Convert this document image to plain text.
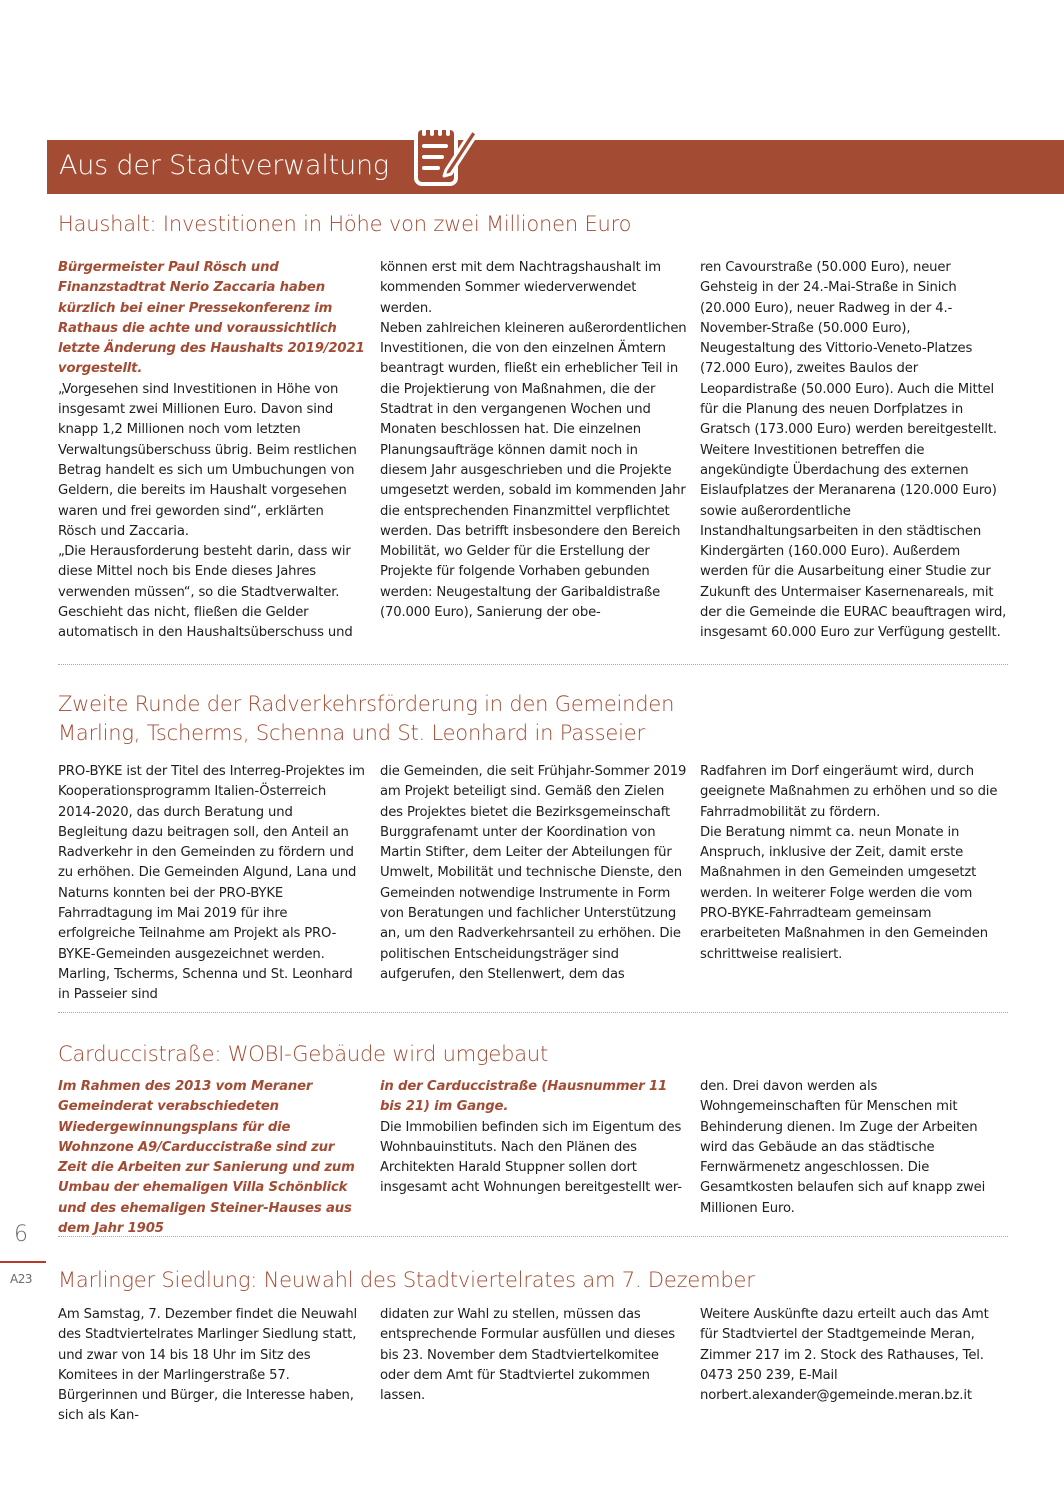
Aus der Stadtverwaltung
Haushalt: Investitionen in Höhe von zwei Millionen Euro

Bürgermeister Paul Rösch und Finanzstadtrat Nerio Zaccaria haben kürzlich bei einer Pressekonferenz im Rathaus die achte und voraussichtlich letzte Änderung des Haushalts 2019/2021 vorgestellt.

„Vorgesehen sind Investitionen in Höhe von insgesamt zwei Millionen Euro. Davon sind knapp 1,2 Millionen noch vom letzten Verwaltungsüberschuss übrig. Beim restlichen Betrag handelt es sich um Umbuchungen von Geldern, die bereits im Haushalt vorgesehen waren und frei geworden sind“, erklärten Rösch und Zaccaria.

„Die Herausforderung besteht darin, dass wir diese Mittel noch bis Ende dieses Jahres verwenden müssen“, so die Stadtverwalter. Geschieht das nicht, fließen die Gelder automatisch in den Haushaltsüberschuss und

können erst mit dem Nachtragshaushalt im kommenden Sommer wiederverwendet werden.

Neben zahlreichen kleineren außerordentlichen Investitionen, die von den einzelnen Ämtern beantragt wurden, fließt ein erheblicher Teil in die Projektierung von Maßnahmen, die der Stadtrat in den vergangenen Wochen und Monaten beschlossen hat. Die einzelnen Planungsaufträge können damit noch in diesem Jahr ausgeschrieben und die Projekte umgesetzt werden, sobald im kommenden Jahr die entsprechenden Finanzmittel verpflichtet werden. Das betrifft insbesondere den Bereich Mobilität, wo Gelder für die Erstellung der Projekte für folgende Vorhaben gebunden werden: Neugestaltung der Garibaldistraße (70.000 Euro), Sanierung der obe-

ren Cavourstraße (50.000 Euro), neuer Gehsteig in der 24.-Mai-Straße in Sinich (20.000 Euro), neuer Radweg in der 4.-November-Straße (50.000 Euro), Neugestaltung des Vittorio-Veneto-Platzes (72.000 Euro), zweites Baulos der Leopardistraße (50.000 Euro). Auch die Mittel für die Planung des neuen Dorfplatzes in Gratsch (173.000 Euro) werden bereitgestellt. Weitere Investitionen betreffen die angekündigte Überdachung des externen Eislaufplatzes der Meranarena (120.000 Euro) sowie außerordentliche Instandhaltungsarbeiten in den städtischen Kindergärten (160.000 Euro). Außerdem werden für die Ausarbeitung einer Studie zur Zukunft des Untermaiser Kasernenareals, mit der die Gemeinde die EURAC beauftragen wird, insgesamt 60.000 Euro zur Verfügung gestellt.

Zweite Runde der Radverkehrsförderung in den Gemeinden
Marling, Tscherms, Schenna und St. Leonhard in Passeier

PRO-BYKE ist der Titel des Interreg-Projektes im Kooperationsprogramm Italien-Österreich 2014-2020, das durch Beratung und Begleitung dazu beitragen soll, den Anteil an Radverkehr in den Gemeinden zu fördern und zu erhöhen. Die Gemeinden Algund, Lana und Naturns konnten bei der PRO-BYKE Fahrradtagung im Mai 2019 für ihre erfolgreiche Teilnahme am Projekt als PRO-BYKE-Gemeinden ausgezeichnet werden. Marling, Tscherms, Schenna und St. Leonhard in Passeier sind

die Gemeinden, die seit Frühjahr-Sommer 2019 am Projekt beteiligt sind. Gemäß den Zielen des Projektes bietet die Bezirksgemeinschaft Burggrafenamt unter der Koordination von Martin Stifter, dem Leiter der Abteilungen für Umwelt, Mobilität und technische Dienste, den Gemeinden notwendige Instrumente in Form von Beratungen und fachlicher Unterstützung an, um den Radverkehrsanteil zu erhöhen. Die politischen Entscheidungsträger sind aufgerufen, den Stellenwert, dem das

Radfahren im Dorf eingeräumt wird, durch geeignete Maßnahmen zu erhöhen und so die Fahrradmobilität zu fördern.

Die Beratung nimmt ca. neun Monate in Anspruch, inklusive der Zeit, damit erste Maßnahmen in den Gemeinden umgesetzt werden. In weiterer Folge werden die vom PRO-BYKE-Fahrradteam gemeinsam erarbeiteten Maßnahmen in den Gemeinden schrittweise realisiert.

Carduccistraße: WOBI-Gebäude wird umgebaut

Im Rahmen des 2013 vom Meraner Gemeinderat verabschiedeten Wiedergewinnungsplans für die Wohnzone A9/Carduccistraße sind zur Zeit die Arbeiten zur Sanierung und zum Umbau der ehemaligen Villa Schönblick und des ehemaligen Steiner-Hauses aus dem Jahr 1905

in der Carduccistraße (Hausnummer 11 bis 21) im Gange.

Die Immobilien befinden sich im Eigentum des Wohnbauinstituts. Nach den Plänen des Architekten Harald Stuppner sollen dort insgesamt acht Wohnungen bereitgestellt wer-

den. Drei davon werden als Wohngemeinschaften für Menschen mit Behinderung dienen. Im Zuge der Arbeiten wird das Gebäude an das städtische Fernwärmenetz angeschlossen. Die Gesamtkosten belaufen sich auf knapp zwei Millionen Euro.

Marlinger Siedlung: Neuwahl des Stadtviertelrates am 7. Dezember

Am Samstag, 7. Dezember findet die Neuwahl des Stadtviertelrates Marlinger Siedlung statt, und zwar von 14 bis 18 Uhr im Sitz des Komitees in der Marlingerstraße 57. Bürgerinnen und Bürger, die Interesse haben, sich als Kan-

didaten zur Wahl zu stellen, müssen das entsprechende Formular ausfüllen und dieses bis 23. November dem Stadtviertelkomitee oder dem Amt für Stadtviertel zukommen lassen.

Weitere Auskünfte dazu erteilt auch das Amt für Stadtviertel der Stadtgemeinde Meran, Zimmer 217 im 2. Stock des Rathauses, Tel. 0473 250 239, E-Mail norbert.alexander@gemeinde.meran.bz.it

6
A23
